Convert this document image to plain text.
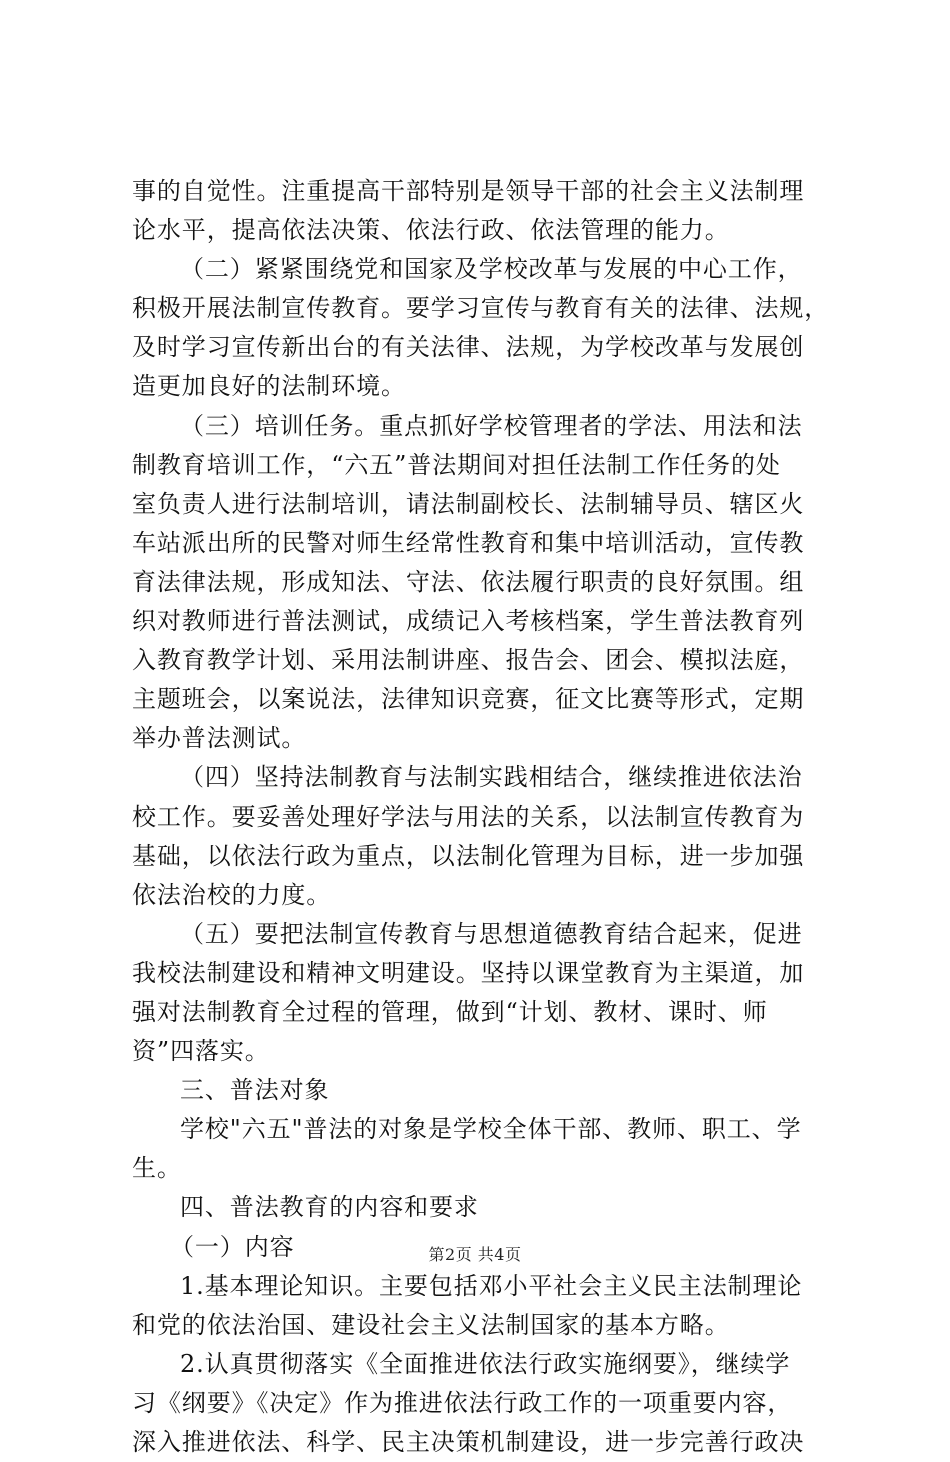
事的自觉性。注重提高干部特别是领导干部的社会主义法制理
论水平，提高依法决策、依法行政、依法管理的能力。
（二）紧紧围绕党和国家及学校改革与发展的中心工作，
积极开展法制宣传教育。要学习宣传与教育有关的法律、法规，
及时学习宣传新出台的有关法律、法规，为学校改革与发展创
造更加良好的法制环境。
（三）培训任务。重点抓好学校管理者的学法、用法和法
制教育培训工作，“六五”普法期间对担任法制工作任务的处
室负责人进行法制培训，请法制副校长、法制辅导员、辖区火
车站派出所的民警对师生经常性教育和集中培训活动，宣传教
育法律法规，形成知法、守法、依法履行职责的良好氛围。组
织对教师进行普法测试，成绩记入考核档案，学生普法教育列
入教育教学计划、采用法制讲座、报告会、团会、模拟法庭，
主题班会，以案说法，法律知识竞赛，征文比赛等形式，定期
举办普法测试。
（四）坚持法制教育与法制实践相结合，继续推进依法治
校工作。要妥善处理好学法与用法的关系，以法制宣传教育为
基础，以依法行政为重点，以法制化管理为目标，进一步加强
依法治校的力度。
（五）要把法制宣传教育与思想道德教育结合起来，促进
我校法制建设和精神文明建设。坚持以课堂教育为主渠道，加
强对法制教育全过程的管理，做到“计划、教材、课时、师
资”四落实。
三、普法对象
学校"六五"普法的对象是学校全体干部、教师、职工、学
生。
四、普法教育的内容和要求
（一）内容
1.基本理论知识。主要包括邓小平社会主义民主法制理论
和党的依法治国、建设社会主义法制国家的基本方略。
2.认真贯彻落实《全面推进依法行政实施纲要》，继续学
习《纲要》《决定》作为推进依法行政工作的一项重要内容，
深入推进依法、科学、民主决策机制建设，进一步完善行政决
第2页 共4页
